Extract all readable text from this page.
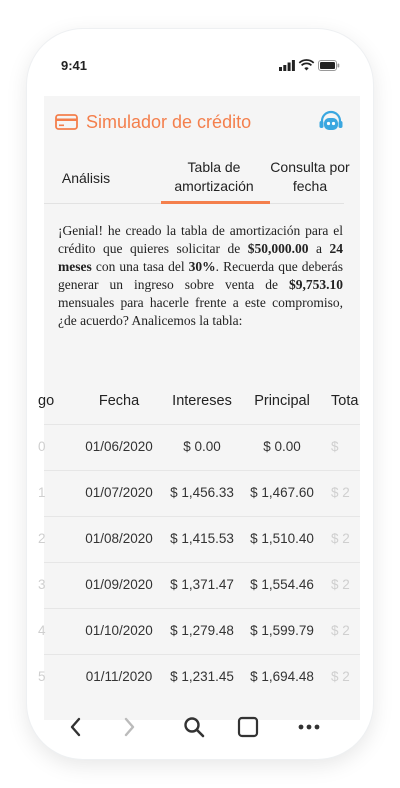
9:41
Simulador de crédito
Análisis
Tabla de amortización
Consulta por fecha
¡Genial! he creado la tabla de amortización para el crédito que quieres solicitar de $50,000.00 a 24 meses con una tasa del 30%. Recuerda que deberás generar un ingreso sobre venta de $9,753.10 mensuales para hacerle frente a este compromiso, ¿de acuerdo? Analicemos la tabla:
go	Fecha	Intereses	Principal	Tota
0	01/06/2020	$ 0.00	$ 0.00	$
1	01/07/2020	$ 1,456.33	$ 1,467.60	$ 2
2	01/08/2020	$ 1,415.53	$ 1,510.40	$ 2
3	01/09/2020	$ 1,371.47	$ 1,554.46	$ 2
4	01/10/2020	$ 1,279.48	$ 1,599.79	$ 2
5	01/11/2020	$ 1,231.45	$ 1,694.48	$ 2
